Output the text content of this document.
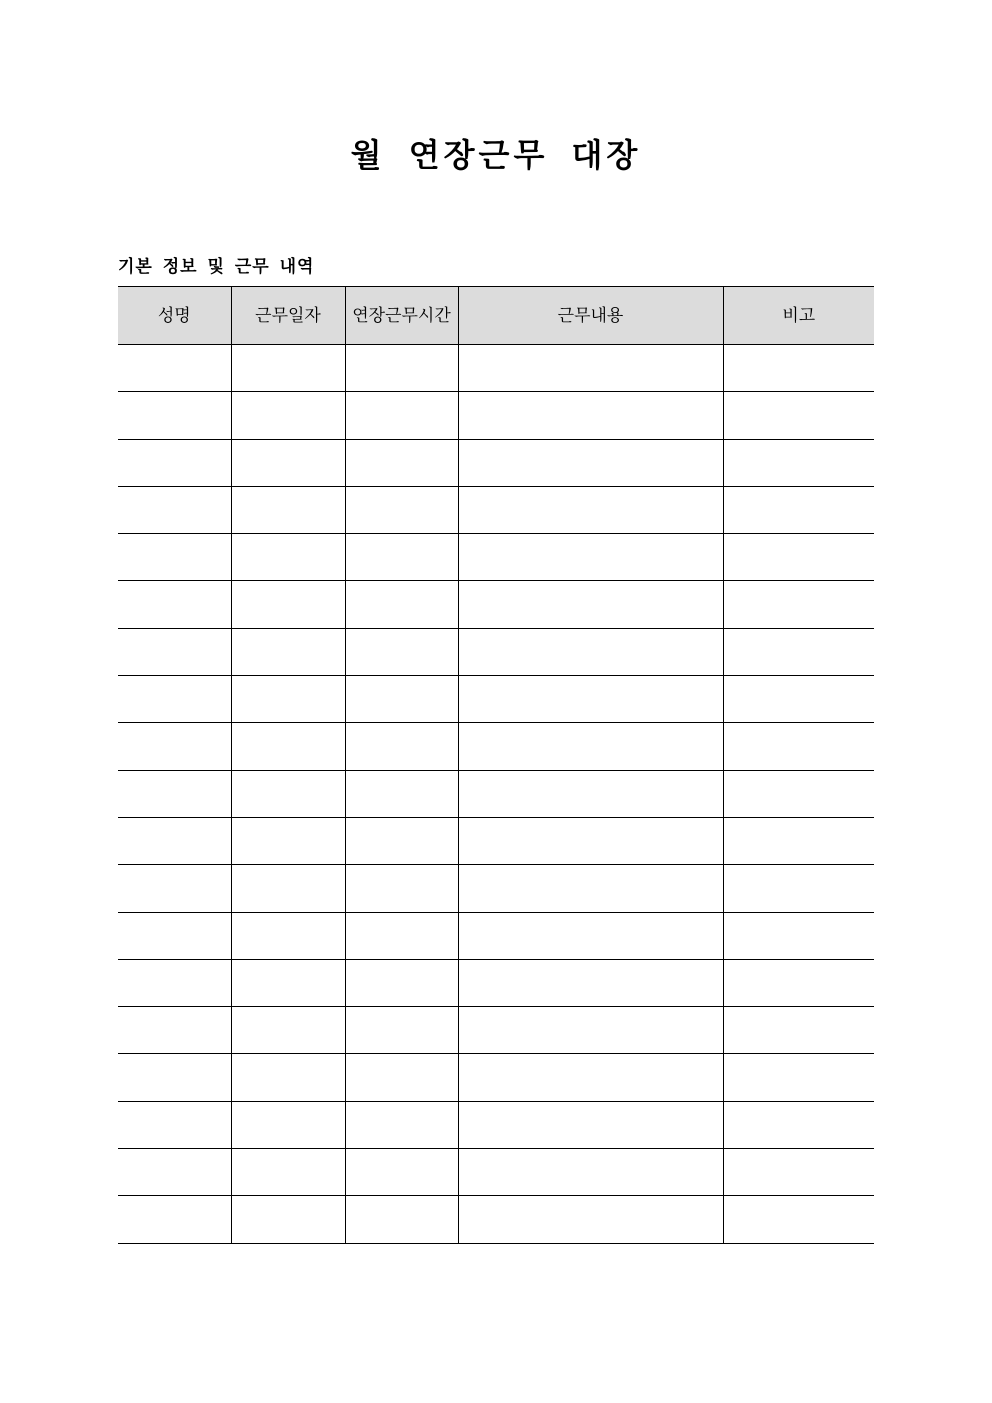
월 연장근무 대장
기본 정보 및 근무 내역
성명	근무일자	연장근무시간	근무내용	비고
